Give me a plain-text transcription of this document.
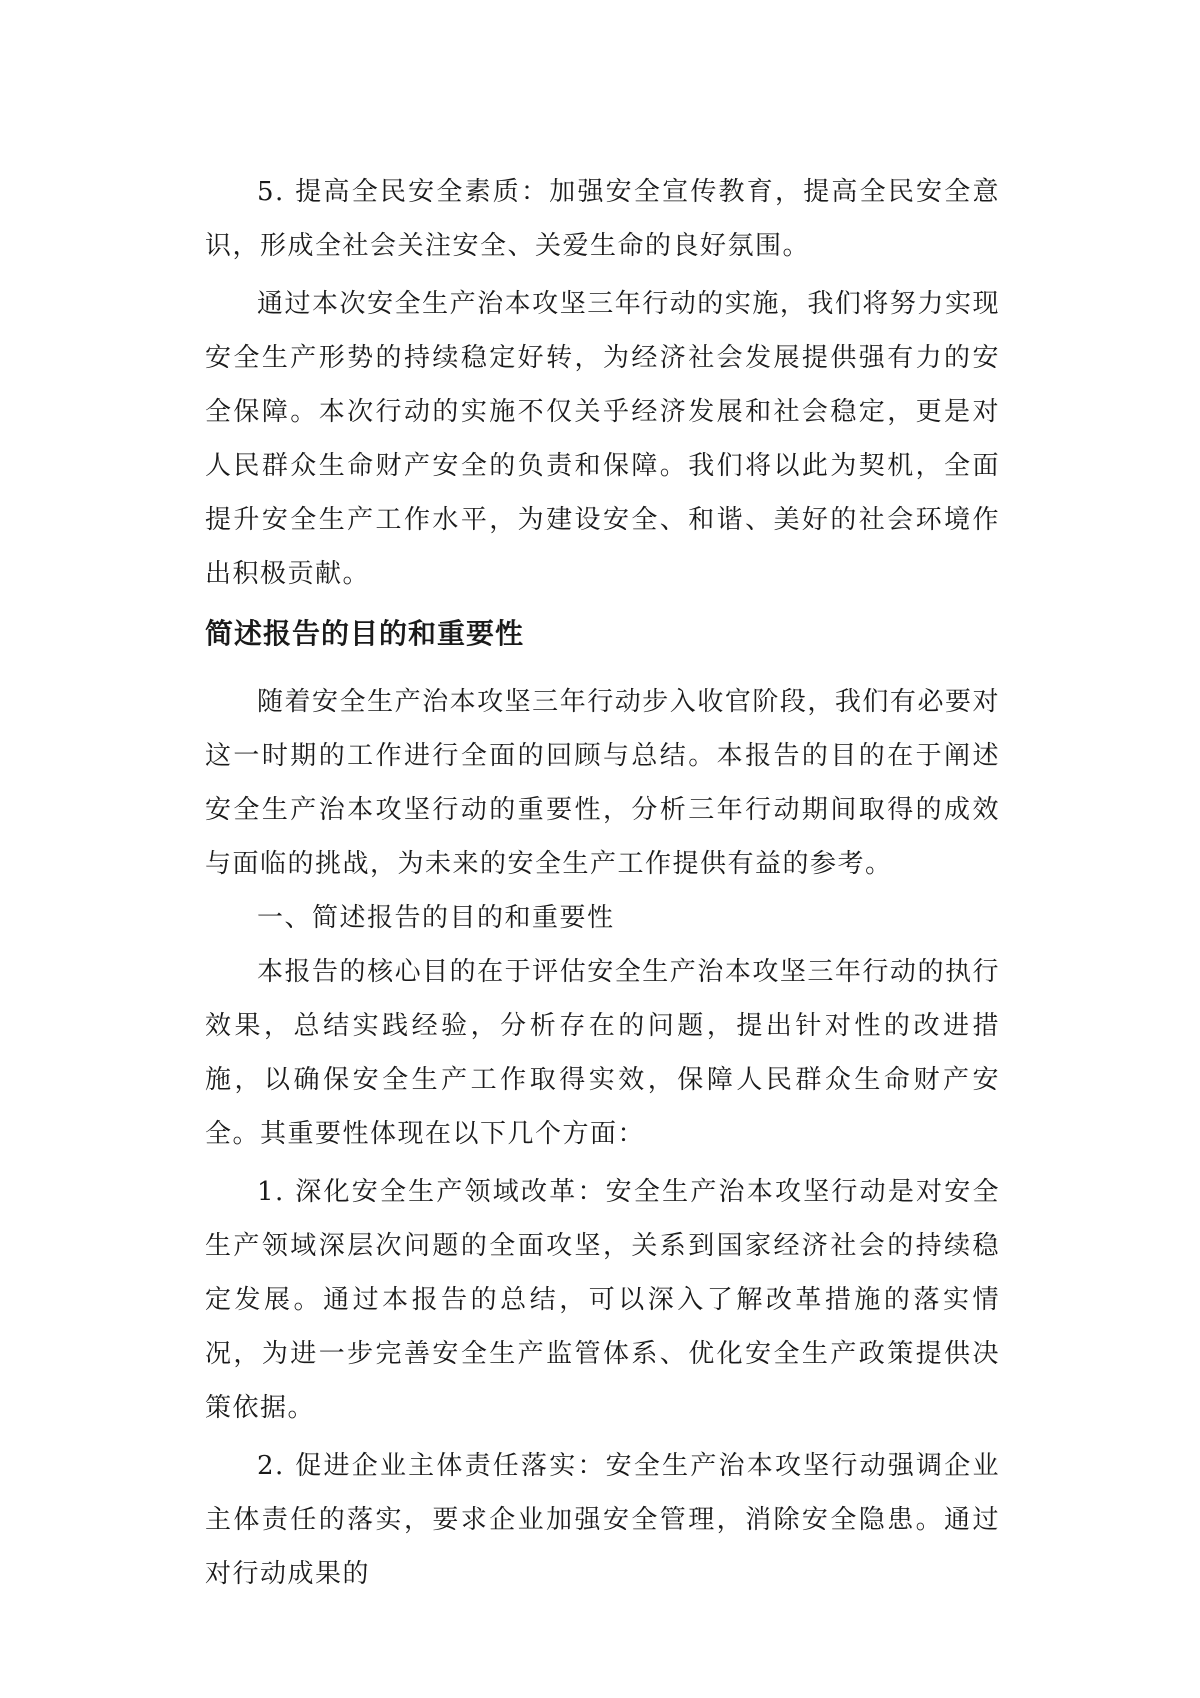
5. 提高全民安全素质：加强安全宣传教育，提高全民安全意识，形成全社会关注安全、关爱生命的良好氛围。

通过本次安全生产治本攻坚三年行动的实施，我们将努力实现安全生产形势的持续稳定好转，为经济社会发展提供强有力的安全保障。本次行动的实施不仅关乎经济发展和社会稳定，更是对人民群众生命财产安全的负责和保障。我们将以此为契机，全面提升安全生产工作水平，为建设安全、和谐、美好的社会环境作出积极贡献。

简述报告的目的和重要性

随着安全生产治本攻坚三年行动步入收官阶段，我们有必要对这一时期的工作进行全面的回顾与总结。本报告的目的在于阐述安全生产治本攻坚行动的重要性，分析三年行动期间取得的成效与面临的挑战，为未来的安全生产工作提供有益的参考。

一、简述报告的目的和重要性

本报告的核心目的在于评估安全生产治本攻坚三年行动的执行效果，总结实践经验，分析存在的问题，提出针对性的改进措施，以确保安全生产工作取得实效，保障人民群众生命财产安全。其重要性体现在以下几个方面：

1. 深化安全生产领域改革：安全生产治本攻坚行动是对安全生产领域深层次问题的全面攻坚，关系到国家经济社会的持续稳定发展。通过本报告的总结，可以深入了解改革措施的落实情况，为进一步完善安全生产监管体系、优化安全生产政策提供决策依据。

2. 促进企业主体责任落实：安全生产治本攻坚行动强调企业主体责任的落实，要求企业加强安全管理，消除安全隐患。通过对行动成果的
